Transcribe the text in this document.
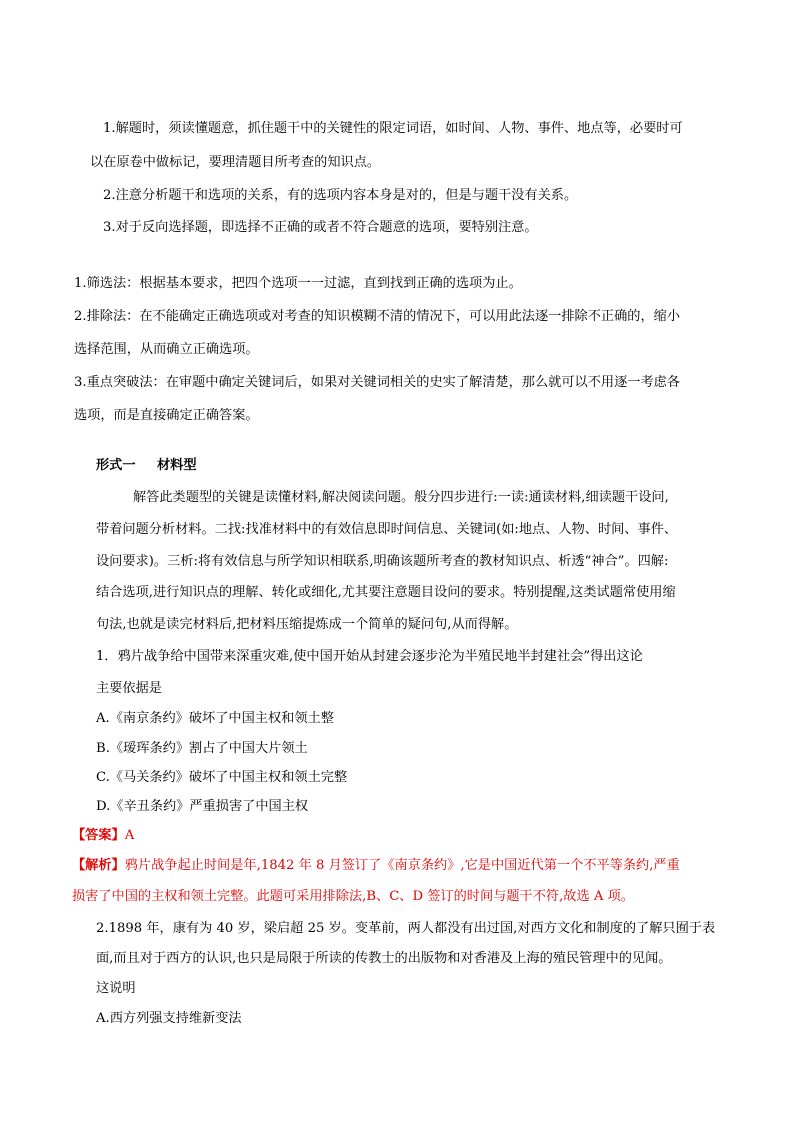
1.解题时，须读懂题意，抓住题干中的关键性的限定词语，如时间、人物、事件、地点等，必要时可
以在原卷中做标记，要理清题目所考查的知识点。
2.注意分析题干和选项的关系，有的选项内容本身是对的，但是与题干没有关系。
3.对于反向选择题，即选择不正确的或者不符合题意的选项，要特别注意。
1.筛选法：根据基本要求，把四个选项一一过滤，直到找到正确的选项为止。
2.排除法：在不能确定正确选项或对考查的知识模糊不清的情况下，可以用此法逐一排除不正确的，缩小
选择范围，从而确立正确选项。
3.重点突破法：在审题中确定关键词后，如果对关键词相关的史实了解清楚，那么就可以不用逐一考虑各
选项，而是直接确定正确答案。
形式一 材料型
解答此类题型的关键是读懂材料,解决阅读问题。般分四步进行:一读:通读材料,细读题干设问,
带着问题分析材料。二找:找准材料中的有效信息即时间信息、关键词(如:地点、人物、时间、事件、
设问要求)。三析:将有效信息与所学知识相联系,明确该题所考查的教材知识点、析透“神合”。四解:
结合选项,进行知识点的理解、转化或细化,尤其要注意题目设问的要求。特别提醒,这类试题常使用缩
句法,也就是读完材料后,把材料压缩提炼成一个简单的疑问句,从而得解。
1．鸦片战争给中国带来深重灾难,使中国开始从封建会逐步沦为半殖民地半封建社会”得出这论
主要依据是
A.《南京条约》破坏了中国主权和领土整
B.《瑷珲条约》割占了中国大片领土
C.《马关条约》破坏了中国主权和领土完整
D.《辛丑条约》严重损害了中国主权
【答案】A
【解析】鸦片战争起止时间是年,1842 年 8 月签订了《南京条约》,它是中国近代第一个不平等条约,严重
损害了中国的主权和领土完整。此题可采用排除法,B、C、D 签订的时间与题干不符,故选 A 项。
2.1898 年，康有为 40 岁，梁启超 25 岁。变革前，两人都没有出过国,对西方文化和制度的了解只囿于表
面,而且对于西方的认识,也只是局限于所读的传教士的出版物和对香港及上海的殖民管理中的见闻。
这说明
A.西方列强支持维新变法
